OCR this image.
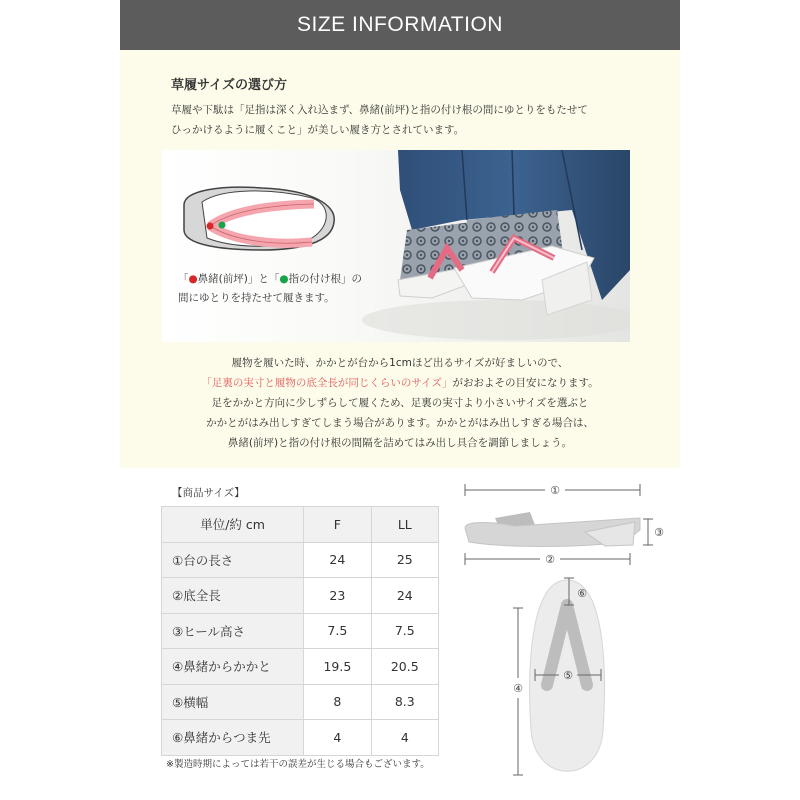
SIZE INFORMATION
草履サイズの選び方
草履や下駄は「足指は深く入れ込まず、鼻緒(前坪)と指の付け根の間にゆとりをもたせて
ひっかけるように履くこと」が美しい履き方とされています。
「●鼻緒(前坪)」と「●指の付け根」の
間にゆとりを持たせて履きます。
履物を履いた時、かかとが台から1cmほど出るサイズが好ましいので、
「足裏の実寸と履物の底全長が同じくらいのサイズ」がおおよその目安になります。
足をかかと方向に少しずらして履くため、足裏の実寸より小さいサイズを選ぶと
かかとがはみ出しすぎてしまう場合があります。かかとがはみ出しすぎる場合は、
鼻緒(前坪)と指の付け根の間隔を詰めてはみ出し具合を調節しましょう。
【商品サイズ】
単位/約 cm	F	LL
①台の長さ	24	25
②底全長	23	24
③ヒール高さ	7.5	7.5
④鼻緒からかかと	19.5	20.5
⑤横幅	8	8.3
⑥鼻緒からつま先	4	4
※製造時期によっては若干の誤差が生じる場合もございます。
①
③
②
⑥
⑤
④
